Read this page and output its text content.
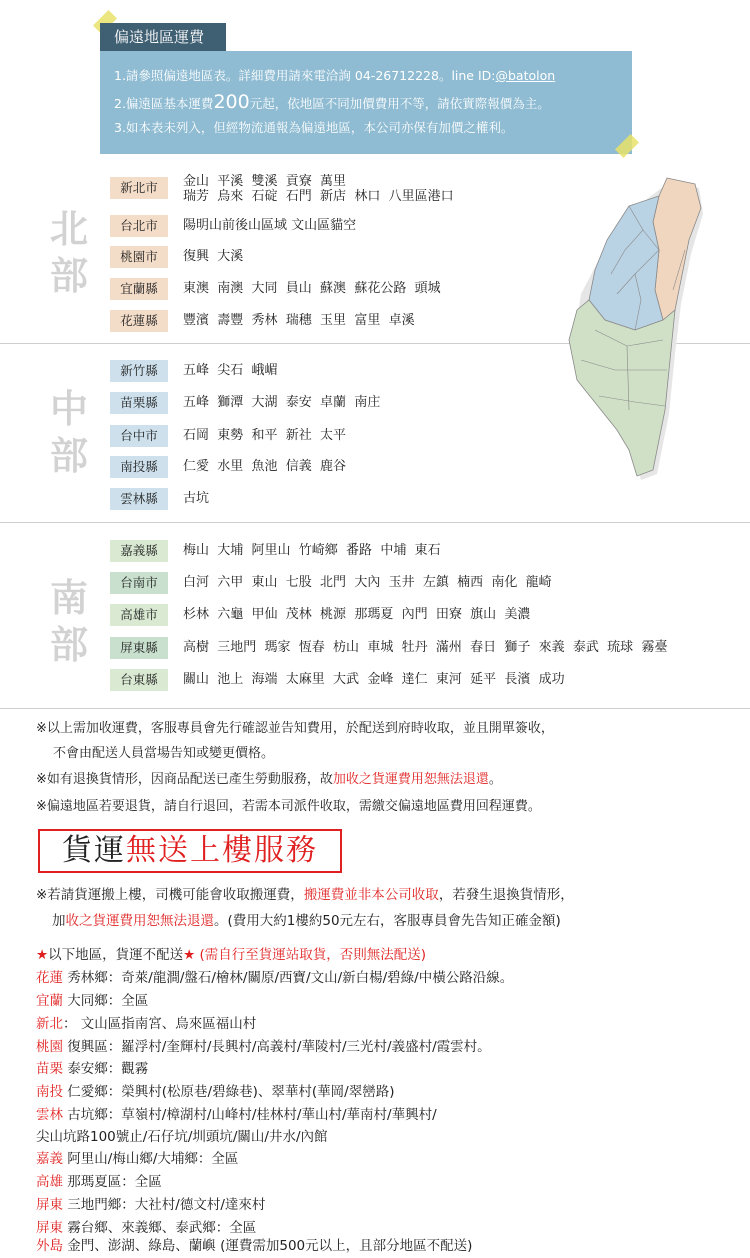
偏遠地區運費
1.請參照偏遠地區表。詳細費用請來電洽詢 04-26712228。line ID:@batolon
2.偏遠區基本運費200元起，依地區不同加價費用不等，請依實際報價為主。
3.如本表未列入，但經物流通報為偏遠地區，本公司亦保有加價之權利。
北
部
中
部
南
部
新北市	金山  平溪  雙溪  貢寮  萬里
瑞芳  烏來  石碇  石門  新店  林口  八里區港口
台北市	陽明山前後山區域 文山區貓空
桃園市	復興  大溪
宜蘭縣	東澳  南澳  大同  員山  蘇澳  蘇花公路  頭城
花蓮縣	豐濱  壽豐  秀林  瑞穗  玉里  富里  卓溪
新竹縣	五峰  尖石  峨嵋
苗栗縣	五峰  獅潭  大湖  泰安  卓蘭  南庄
台中市	石岡  東勢  和平  新社  太平
南投縣	仁愛  水里  魚池  信義  鹿谷
雲林縣	古坑
嘉義縣	梅山  大埔  阿里山  竹崎鄉  番路  中埔  東石
台南市	白河  六甲  東山  七股  北門  大內  玉井  左鎮  楠西  南化  龍崎
高雄市	杉林  六龜  甲仙  茂林  桃源  那瑪夏  內門  田寮  旗山  美濃
屏東縣	高樹  三地門  瑪家  恆春  枋山  車城  牡丹  滿州  春日  獅子  來義  泰武  琉球  霧臺
台東縣	關山  池上  海端  太麻里  大武  金峰  達仁  東河  延平  長濱  成功
※以上需加收運費，客服專員會先行確認並告知費用，於配送到府時收取，並且開單簽收，
不會由配送人員當場告知或變更價格。
※如有退換貨情形，因商品配送已產生勞動服務，故加收之貨運費用恕無法退還。
※偏遠地區若要退貨，請自行退回，若需本司派件收取，需繳交偏遠地區費用回程運費。
貨運無送上樓服務
※若請貨運搬上樓，司機可能會收取搬運費，搬運費並非本公司收取，若發生退換貨情形，
加收之貨運費用恕無法退還。(費用大約1樓約50元左右，客服專員會先告知正確金額)
★以下地區，貨運不配送★ (需自行至貨運站取貨，否則無法配送)
花蓮 秀林鄉：奇萊/龍澗/盤石/檜林/關原/西寶/文山/新白楊/碧綠/中橫公路沿線。
宜蘭 大同鄉：全區
新北： 文山區指南宮、烏來區福山村
桃園 復興區：羅浮村/奎輝村/長興村/高義村/華陵村/三光村/義盛村/霞雲村。
苗栗 泰安鄉：觀霧
南投 仁愛鄉：榮興村(松原巷/碧綠巷)、翠華村(華岡/翠巒路)
雲林 古坑鄉：草嶺村/樟湖村/山峰村/桂林村/華山村/華南村/華興村/
尖山坑路100號止/石仔坑/圳頭坑/關山/井水/內館
嘉義 阿里山/梅山鄉/大埔鄉：全區
高雄 那瑪夏區：全區
屏東 三地門鄉：大社村/德文村/達來村
屏東 霧台鄉、來義鄉、泰武鄉：全區
外島 金門、澎湖、綠島、蘭嶼 (運費需加500元以上，且部分地區不配送)
